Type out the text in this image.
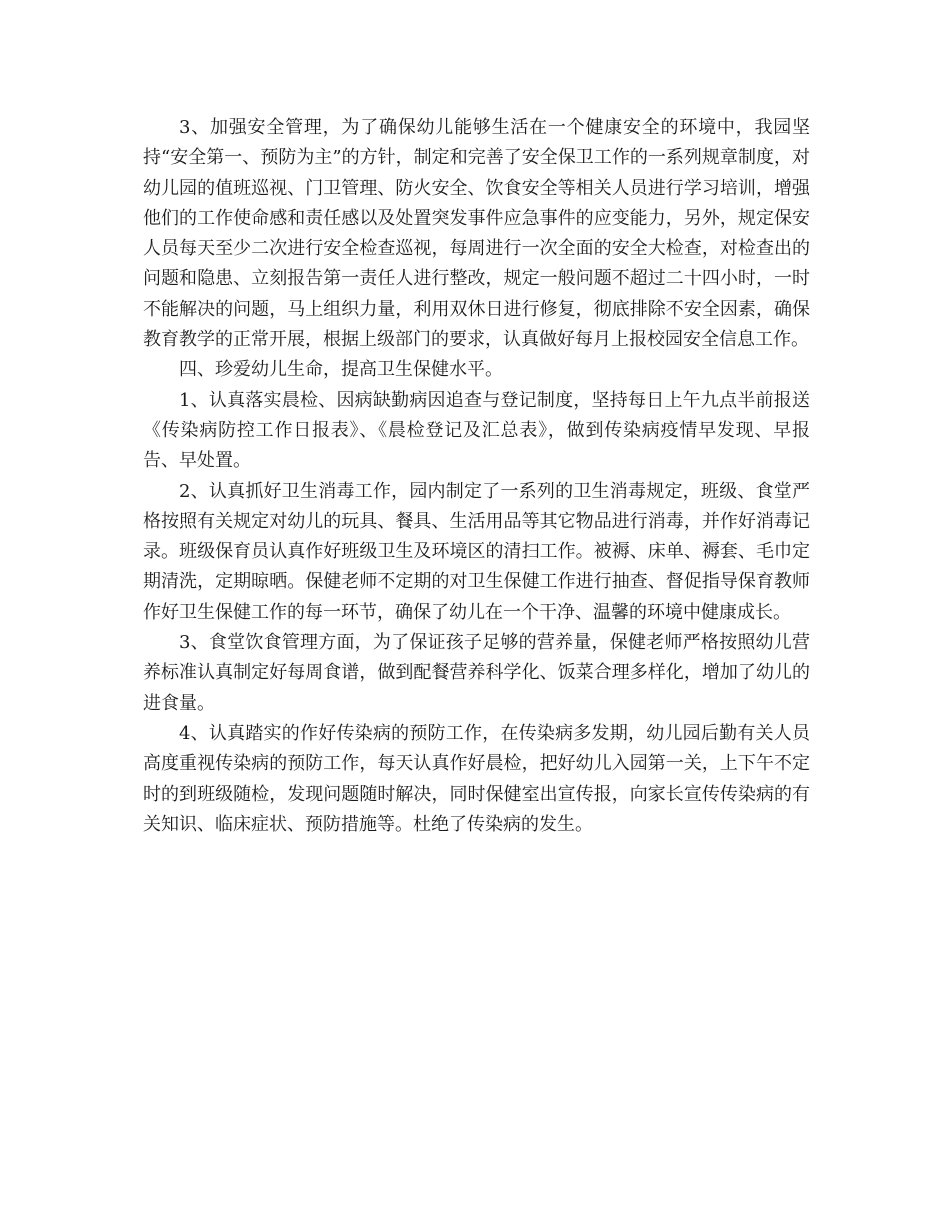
3、加强安全管理，为了确保幼儿能够生活在一个健康安全的环境中，我园坚持“安全第一、预防为主”的方针，制定和完善了安全保卫工作的一系列规章制度，对幼儿园的值班巡视、门卫管理、防火安全、饮食安全等相关人员进行学习培训，增强他们的工作使命感和责任感以及处置突发事件应急事件的应变能力，另外，规定保安人员每天至少二次进行安全检查巡视，每周进行一次全面的安全大检查，对检查出的问题和隐患、立刻报告第一责任人进行整改，规定一般问题不超过二十四小时，一时不能解决的问题，马上组织力量，利用双休日进行修复，彻底排除不安全因素，确保教育教学的正常开展，根据上级部门的要求，认真做好每月上报校园安全信息工作。

四、珍爱幼儿生命，提高卫生保健水平。

1、认真落实晨检、因病缺勤病因追查与登记制度，坚持每日上午九点半前报送《传染病防控工作日报表》、《晨检登记及汇总表》，做到传染病疫情早发现、早报告、早处置。

2、认真抓好卫生消毒工作，园内制定了一系列的卫生消毒规定，班级、食堂严格按照有关规定对幼儿的玩具、餐具、生活用品等其它物品进行消毒，并作好消毒记录。班级保育员认真作好班级卫生及环境区的清扫工作。被褥、床单、褥套、毛巾定期清洗，定期晾晒。保健老师不定期的对卫生保健工作进行抽查、督促指导保育教师作好卫生保健工作的每一环节，确保了幼儿在一个干净、温馨的环境中健康成长。

3、食堂饮食管理方面，为了保证孩子足够的营养量，保健老师严格按照幼儿营养标准认真制定好每周食谱，做到配餐营养科学化、饭菜合理多样化，增加了幼儿的进食量。

4、认真踏实的作好传染病的预防工作，在传染病多发期，幼儿园后勤有关人员高度重视传染病的预防工作，每天认真作好晨检，把好幼儿入园第一关，上下午不定时的到班级随检，发现问题随时解决，同时保健室出宣传报，向家长宣传传染病的有关知识、临床症状、预防措施等。杜绝了传染病的发生。
